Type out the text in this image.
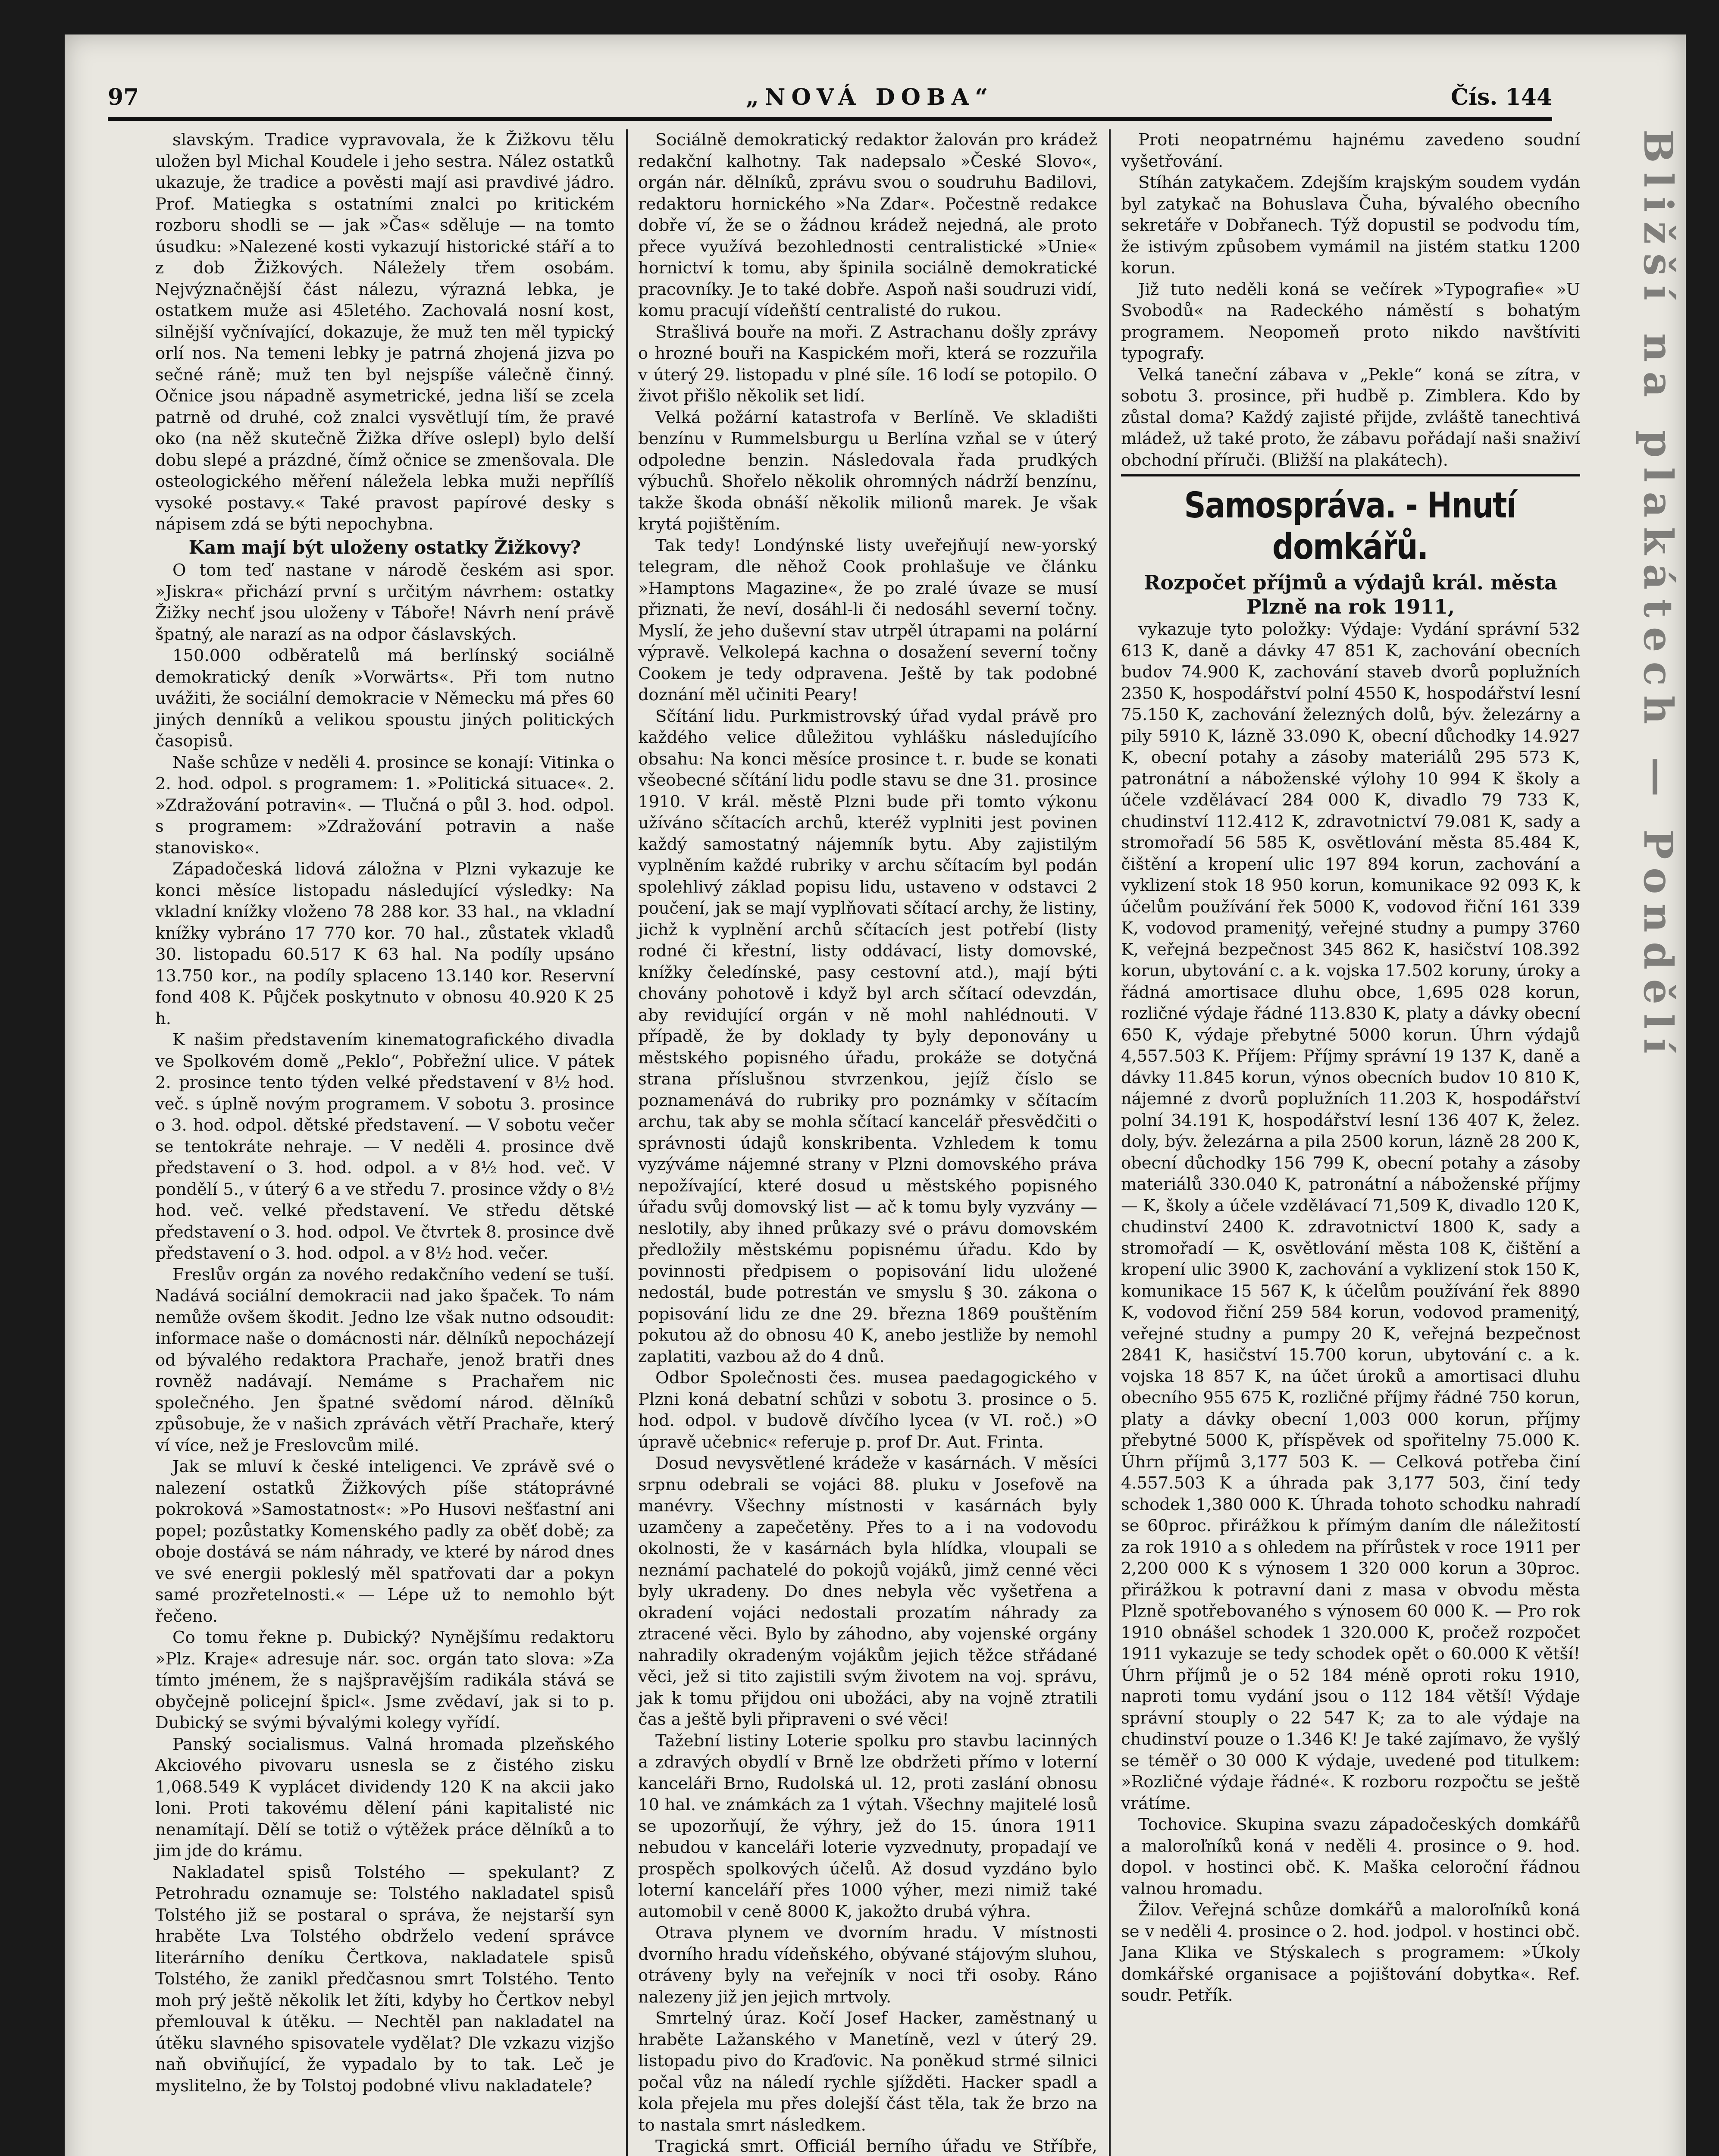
97	„NOVÁ DOBA“	Čís. 144

slavským. Tradice vypravovala, že k Žižkovu tělu uložen byl Michal Koudele i jeho sestra. Nález ostatků ukazuje, že tradice a pověsti mají asi pravdivé jádro. Prof. Matiegka s ostatními znalci po kritickém rozboru shodli se — jak »Čas« sděluje — na tomto úsudku: »Nalezené kosti vykazují historické stáří a to z dob Žižkových. Náležely třem osobám. Nejvýznačnější část nálezu, výrazná lebka, je ostatkem muže asi 45letého. Zachovalá nosní kost, silnější vyčnívající, dokazuje, že muž ten měl typický orlí nos. Na temeni lebky je patrná zhojená jizva po sečné ráně; muž ten byl nejspíše válečně činný. Očnice jsou nápadně asymetrické, jedna liší se zcela patrně od druhé, což znalci vysvětlují tím, že pravé oko (na něž skutečně Žižka dříve oslepl) bylo delší dobu slepé a prázdné, čímž očnice se zmenšovala. Dle osteologického měření náležela lebka muži nepřílíš vysoké postavy.« Také pravost papírové desky s nápisem zdá se býti nepochybna.

Kam mají být uloženy ostatky Žižkovy?

O tom teď nastane v národě českém asi spor. »Jiskra« přichází první s určitým návrhem: ostatky Žižky nechť jsou uloženy v Táboře! Návrh není právě špatný, ale narazí as na odpor čáslavských.

150.000 odběratelů má berlínský sociálně demokratický deník »Vorwärts«. Při tom nutno uvážiti, že sociální demokracie v Německu má přes 60 jiných denníků a velikou spoustu jiných politických časopisů.

Naše schůze v neděli 4. prosince se konají: Vitinka o 2. hod. odpol. s programem: 1. »Politická situace«. 2. »Zdražování potravin«. — Tlučná o půl 3. hod. odpol. s programem: »Zdražování potravin a naše stanovisko«.

Západočeská lidová záložna v Plzni vykazuje ke konci měsíce listopadu následující výsledky: Na vkladní knížky vloženo 78 288 kor. 33 hal., na vkladní knížky vybráno 17 770 kor. 70 hal., zůstatek vkladů 30. listopadu 60.517 K 63 hal. Na podíly upsáno 13.750 kor., na podíly splaceno 13.140 kor. Reservní fond 408 K. Půjček poskytnuto v obnosu 40.920 K 25 h.

K našim představením kinematografického divadla ve Spolkovém domě „Peklo“, Pobřežní ulice. V pátek 2. prosince tento týden velké představení v 8½ hod. več. s úplně novým programem. V sobotu 3. prosince o 3. hod. odpol. dětské představení. — V sobotu večer se tentokráte nehraje. — V neděli 4. prosince dvě představení o 3. hod. odpol. a v 8½ hod. več. V pondělí 5., v úterý 6 a ve středu 7. prosince vždy o 8½ hod. več. velké představení. Ve středu dětské představení o 3. hod. odpol. Ve čtvrtek 8. prosince dvě představení o 3. hod. odpol. a v 8½ hod. večer.

Freslův orgán za nového redakčního vedení se tuší. Nadává sociální demokracii nad jako špaček. To nám nemůže ovšem škodit. Jedno lze však nutno odsoudit: informace naše o domácnosti nár. dělníků nepocházejí od bývalého redaktora Prachaře, jenož bratři dnes rovněž nadávají. Nemáme s Prachařem nic společného. Jen špatné svědomí národ. dělníků způsobuje, že v našich zprávách větří Prachaře, který ví více, než je Freslovcům milé.

Jak se mluví k české inteligenci. Ve zprávě své o nalezení ostatků Žižkových píše státoprávné pokroková »Samostatnost«: »Po Husovi nešťastní ani popel; pozůstatky Komenského padly za oběť době; za oboje dostává se nám náhrady, ve které by národ dnes ve své energii pokleslý měl spatřovati dar a pokyn samé prozřetelnosti.« — Lépe už to nemohlo být řečeno.

Co tomu řekne p. Dubický? Nynějšímu redaktoru »Plz. Kraje« adresuje nár. soc. orgán tato slova: »Za tímto jménem, že s najšpravějším radikála stává se obyčejně policejní špicl«. Jsme zvědaví, jak si to p. Dubický se svými bývalými kolegy vyřídí.

Panský socialismus. Valná hromada plzeňského Akciového pivovaru usnesla se z čistého zisku 1,068.549 K vyplácet dividendy 120 K na akcii jako loni. Proti takovému dělení páni kapitalisté nic nenamítají. Dělí se totiž o výtěžek práce dělníků a to jim jde do krámu.

Nakladatel spisů Tolstého — spekulant? Z Petrohradu oznamuje se: Tolstého nakladatel spisů Tolstého již se postaral o správa, že nejstarší syn hraběte Lva Tolstého obdrželo vedení správce literárního deníku Čertkova, nakladatele spisů Tolstého, že zanikl předčasnou smrt Tolstého. Tento moh prý ještě několik let žíti, kdyby ho Čertkov nebyl přemlouval k útěku. — Nechtěl pan nakladatel na útěku slavného spisovatele vydělat? Dle vzkazu vizjšo naň obviňující, že vypadalo by to tak. Leč je myslitelno, že by Tolstoj podobné vlivu nakladatele?

Sociálně demokratický redaktor žalován pro krádež redakční kalhotny. Tak nadepsalo »České Slovo«, orgán nár. dělníků, zprávu svou o soudruhu Badilovi, redaktoru hornického »Na Zdar«. Počestně redakce dobře ví, že se o žádnou krádež nejedná, ale proto přece využívá bezohlednosti centralistické »Unie« hornictví k tomu, aby špinila sociálně demokratické pracovníky. Je to také dobře. Aspoň naši soudruzi vidí, komu pracují vídeňští centralisté do rukou.

Strašlivá bouře na moři. Z Astrachanu došly zprávy o hrozné bouři na Kaspickém moři, která se rozzuřila v úterý 29. listopadu v plné síle. 16 lodí se potopilo. O život přišlo několik set lidí.

Velká požární katastrofa v Berlíně. Ve skladišti benzínu v Rummelsburgu u Berlína vzňal se v úterý odpoledne benzin. Následovala řada prudkých výbuchů. Shořelo několik ohromných nádrží benzínu, takže škoda obnáší několik milionů marek. Je však krytá pojištěním.

Tak tedy! Londýnské listy uveřejňují new-yorský telegram, dle něhož Cook prohlašuje ve článku »Hamptons Magazine«, že po zralé úvaze se musí přiznati, že neví, dosáhl-li či nedosáhl severní točny. Myslí, že jeho duševní stav utrpěl útrapami na polární výpravě. Velkolepá kachna o dosažení severní točny Cookem je tedy odpravena. Ještě by tak podobné doznání měl učiniti Peary!

Sčítání lidu. Purkmistrovský úřad vydal právě pro každého velice důležitou vyhlášku následujícího obsahu: Na konci měsíce prosince t. r. bude se konati všeobecné sčítání lidu podle stavu se dne 31. prosince 1910. V král. městě Plzni bude při tomto výkonu užíváno sčítacích archů, kteréž vyplniti jest povinen každý samostatný nájemník bytu. Aby zajistilým vyplněním každé rubriky v archu sčítacím byl podán spolehlivý základ popisu lidu, ustaveno v odstavci 2 poučení, jak se mají vyplňovati sčítací archy, že listiny, jichž k vyplnění archů sčítacích jest potřebí (listy rodné či křestní, listy oddávací, listy domovské, knížky čeledínské, pasy cestovní atd.), mají býti chovány pohotově i když byl arch sčítací odevzdán, aby revidující orgán v ně mohl nahlédnouti. V případě, že by doklady ty byly deponovány u městského popisného úřadu, prokáže se dotyčná strana příslušnou stvrzenkou, jejíž číslo se poznamenává do rubriky pro poznámky v sčítacím archu, tak aby se mohla sčítací kancelář přesvědčiti o správnosti údajů konskribenta. Vzhledem k tomu vyzýváme nájemné strany v Plzni domovského práva nepožívající, které dosud u městského popisného úřadu svůj domovský list — ač k tomu byly vyzvány — neslotily, aby ihned průkazy své o právu domovském předložily městskému popisnému úřadu. Kdo by povinnosti předpisem o popisování lidu uložené nedostál, bude potrestán ve smyslu § 30. zákona o popisování lidu ze dne 29. března 1869 pouštěním pokutou až do obnosu 40 K, anebo jestliže by nemohl zaplatiti, vazbou až do 4 dnů.

Odbor Společnosti čes. musea paedagogického v Plzni koná debatní schůzi v sobotu 3. prosince o 5. hod. odpol. v budově dívčího lycea (v VI. roč.) »O úpravě učebnic« referuje p. prof Dr. Aut. Frinta.

Dosud nevysvětlené krádeže v kasárnách. V měsíci srpnu odebrali se vojáci 88. pluku v Josefově na manévry. Všechny místnosti v kasárnách byly uzamčeny a zapečetěny. Přes to a i na vodovodu okolnosti, že v kasárnách byla hlídka, vloupali se neznámí pachatelé do pokojů vojáků, jimž cenné věci byly ukradeny. Do dnes nebyla věc vyšetřena a okradení vojáci nedostali prozatím náhrady za ztracené věci. Bylo by záhodno, aby vojenské orgány nahradily okradeným vojákům jejich těžce střádané věci, jež si tito zajistili svým životem na voj. správu, jak k tomu přijdou oni ubožáci, aby na vojně ztratili čas a ještě byli připraveni o své věci!

Tažební listiny Loterie spolku pro stavbu lacinných a zdravých obydlí v Brně lze obdržeti přímo v loterní kanceláři Brno, Rudolská ul. 12, proti zaslání obnosu 10 hal. ve známkách za 1 výtah. Všechny majitelé losů se upozorňují, že výhry, jež do 15. února 1911 nebudou v kanceláři loterie vyzvednuty, propadají ve prospěch spolkových účelů. Až dosud vyzdáno bylo loterní kanceláří přes 1000 výher, mezi nimiž také automobil v ceně 8000 K, jakožto drubá výhra.

Otrava plynem ve dvorním hradu. V místnosti dvorního hradu vídeňského, obývané stájovým sluhou, otráveny byly na veřejník v noci tři osoby. Ráno nalezeny již jen jejich mrtvoly.

Smrtelný úraz. Kočí Josef Hacker, zaměstnaný u hraběte Lažanského v Manetíně, vezl v úterý 29. listopadu pivo do Kraďovic. Na poněkud strmé silnici počal vůz na náledí rychle sjížděti. Hacker spadl a kola přejela mu přes dolejší část těla, tak že brzo na to nastala smrt následkem.

Tragická smrt. Officiál berního úřadu ve Stříbře,

Proti neopatrnému hajnému zavedeno soudní vyšetřování.

Stíhán zatykačem. Zdejším krajským soudem vydán byl zatykač na Bohuslava Čuha, bývalého obecního sekretáře v Dobřanech. Týž dopustil se podvodu tím, že istivým způsobem vymámil na jistém statku 1200 korun.

Již tuto neděli koná se večírek »Typografie« »U Svobodů« na Radeckého náměstí s bohatým programem. Neopomeň proto nikdo navštíviti typografy.

Velká taneční zábava v „Pekle“ koná se zítra, v sobotu 3. prosince, při hudbě p. Zimblera. Kdo by zůstal doma? Každý zajisté přijde, zvláště tanechtivá mládež, už také proto, že zábavu pořádají naši snaživí obchodní příruči. (Bližší na plakátech).

Samospráva. - Hnutí domkářů.
Rozpočet příjmů a výdajů král. města Plzně na rok 1911,

vykazuje tyto položky: Výdaje: Vydání správní 532 613 K, daně a dávky 47 851 K, zachování obecních budov 74.900 K, zachování staveb dvorů poplužních 2350 K, hospodářství polní 4550 K, hospodářství lesní 75.150 K, zachování železných dolů, býv. železárny a pily 5910 K, lázně 33.090 K, obecní důchodky 14.927 K, obecní potahy a zásoby materiálů 295 573 K, patronátní a náboženské výlohy 10 994 K školy a účele vzdělávací 284 000 K, divadlo 79 733 K, chudinství 112.412 K, zdravotnictví 79.081 K, sady a stromořadí 56 585 K, osvětlování města 85.484 K, čištění a kropení ulic 197 894 korun, zachování a vyklizení stok 18 950 korun, komunikace 92 093 K, k účelům používání řek 5000 K, vodovod řiční 161 339 K, vodovod prameniţý, veřejné studny a pumpy 3760 K, veřejná bezpečnost 345 862 K, hasičství 108.392 korun, ubytování c. a k. vojska 17.502 koruny, úroky a řádná amortisace dluhu obce, 1,695 028 korun, rozličné výdaje řádné 113.830 K, platy a dávky obecní 650 K, výdaje přebytné 5000 korun. Úhrn výdajů 4,557.503 K. Příjem: Příjmy správní 19 137 K, daně a dávky 11.845 korun, výnos obecních budov 10 810 K, nájemné z dvorů poplužních 11.203 K, hospodářství polní 34.191 K, hospodářství lesní 136 407 K, želez. doly, býv. železárna a pila 2500 korun, lázně 28 200 K, obecní důchodky 156 799 K, obecní potahy a zásoby materiálů 330.040 K, patronátní a náboženské příjmy — K, školy a účele vzdělávací 71,509 K, divadlo 120 K, chudinství 2400 K. zdravotnictví 1800 K, sady a stromořadí — K, osvětlování města 108 K, čištění a kropení ulic 3900 K, zachování a vyklizení stok 150 K, komunikace 15 567 K, k účelům používání řek 8890 K, vodovod řiční 259 584 korun, vodovod prameniţý, veřejné studny a pumpy 20 K, veřejná bezpečnost 2841 K, hasičství 15.700 korun, ubytování c. a k. vojska 18 857 K, na účet úroků a amortisaci dluhu obecního 955 675 K, rozličné příjmy řádné 750 korun, platy a dávky obecní 1,003 000 korun, příjmy přebytné 5000 K, příspěvek od spořitelny 75.000 K. Úhrn příjmů 3,177 503 K. — Celková potřeba činí 4.557.503 K a úhrada pak 3,177 503, činí tedy schodek 1,380 000 K. Úhrada tohoto schodku nahradí se 60proc. přirážkou k přímým daním dle náležitostí za rok 1910 a s ohledem na přírůstek v roce 1911 per 2,200 000 K s výnosem 1 320 000 korun a 30proc. přirážkou k potravní dani z masa v obvodu města Plzně spotřebovaného s výnosem 60 000 K. — Pro rok 1910 obnášel schodek 1 320.000 K, pročež rozpočet 1911 vykazuje se tedy schodek opět o 60.000 K větší! Úhrn příjmů je o 52 184 méně oproti roku 1910, naproti tomu vydání jsou o 112 184 větší! Výdaje správní stouply o 22 547 K; za to ale výdaje na chudinství pouze o 1.346 K! Je také zajímavo, že vyšlý se téměř o 30 000 K výdaje, uvedené pod titulkem: »Rozličné výdaje řádné«. K rozboru rozpočtu se ještě vrátíme.

Tochovice. Skupina svazu západočeských domkářů a maloroľníků koná v neděli 4. prosince o 9. hod. dopol. v hostinci obč. K. Maška celoroční řádnou valnou hromadu.

Žilov. Veřejná schůze domkářů a maloroľníků koná se v neděli 4. prosince o 2. hod. jodpol. v hostinci obč. Jana Klika ve Stýskalech s programem: »Úkoly domkářské organisace a pojištování dobytka«. Ref. soudr. Petřík.

Bližší na plakátech — Pondělí
